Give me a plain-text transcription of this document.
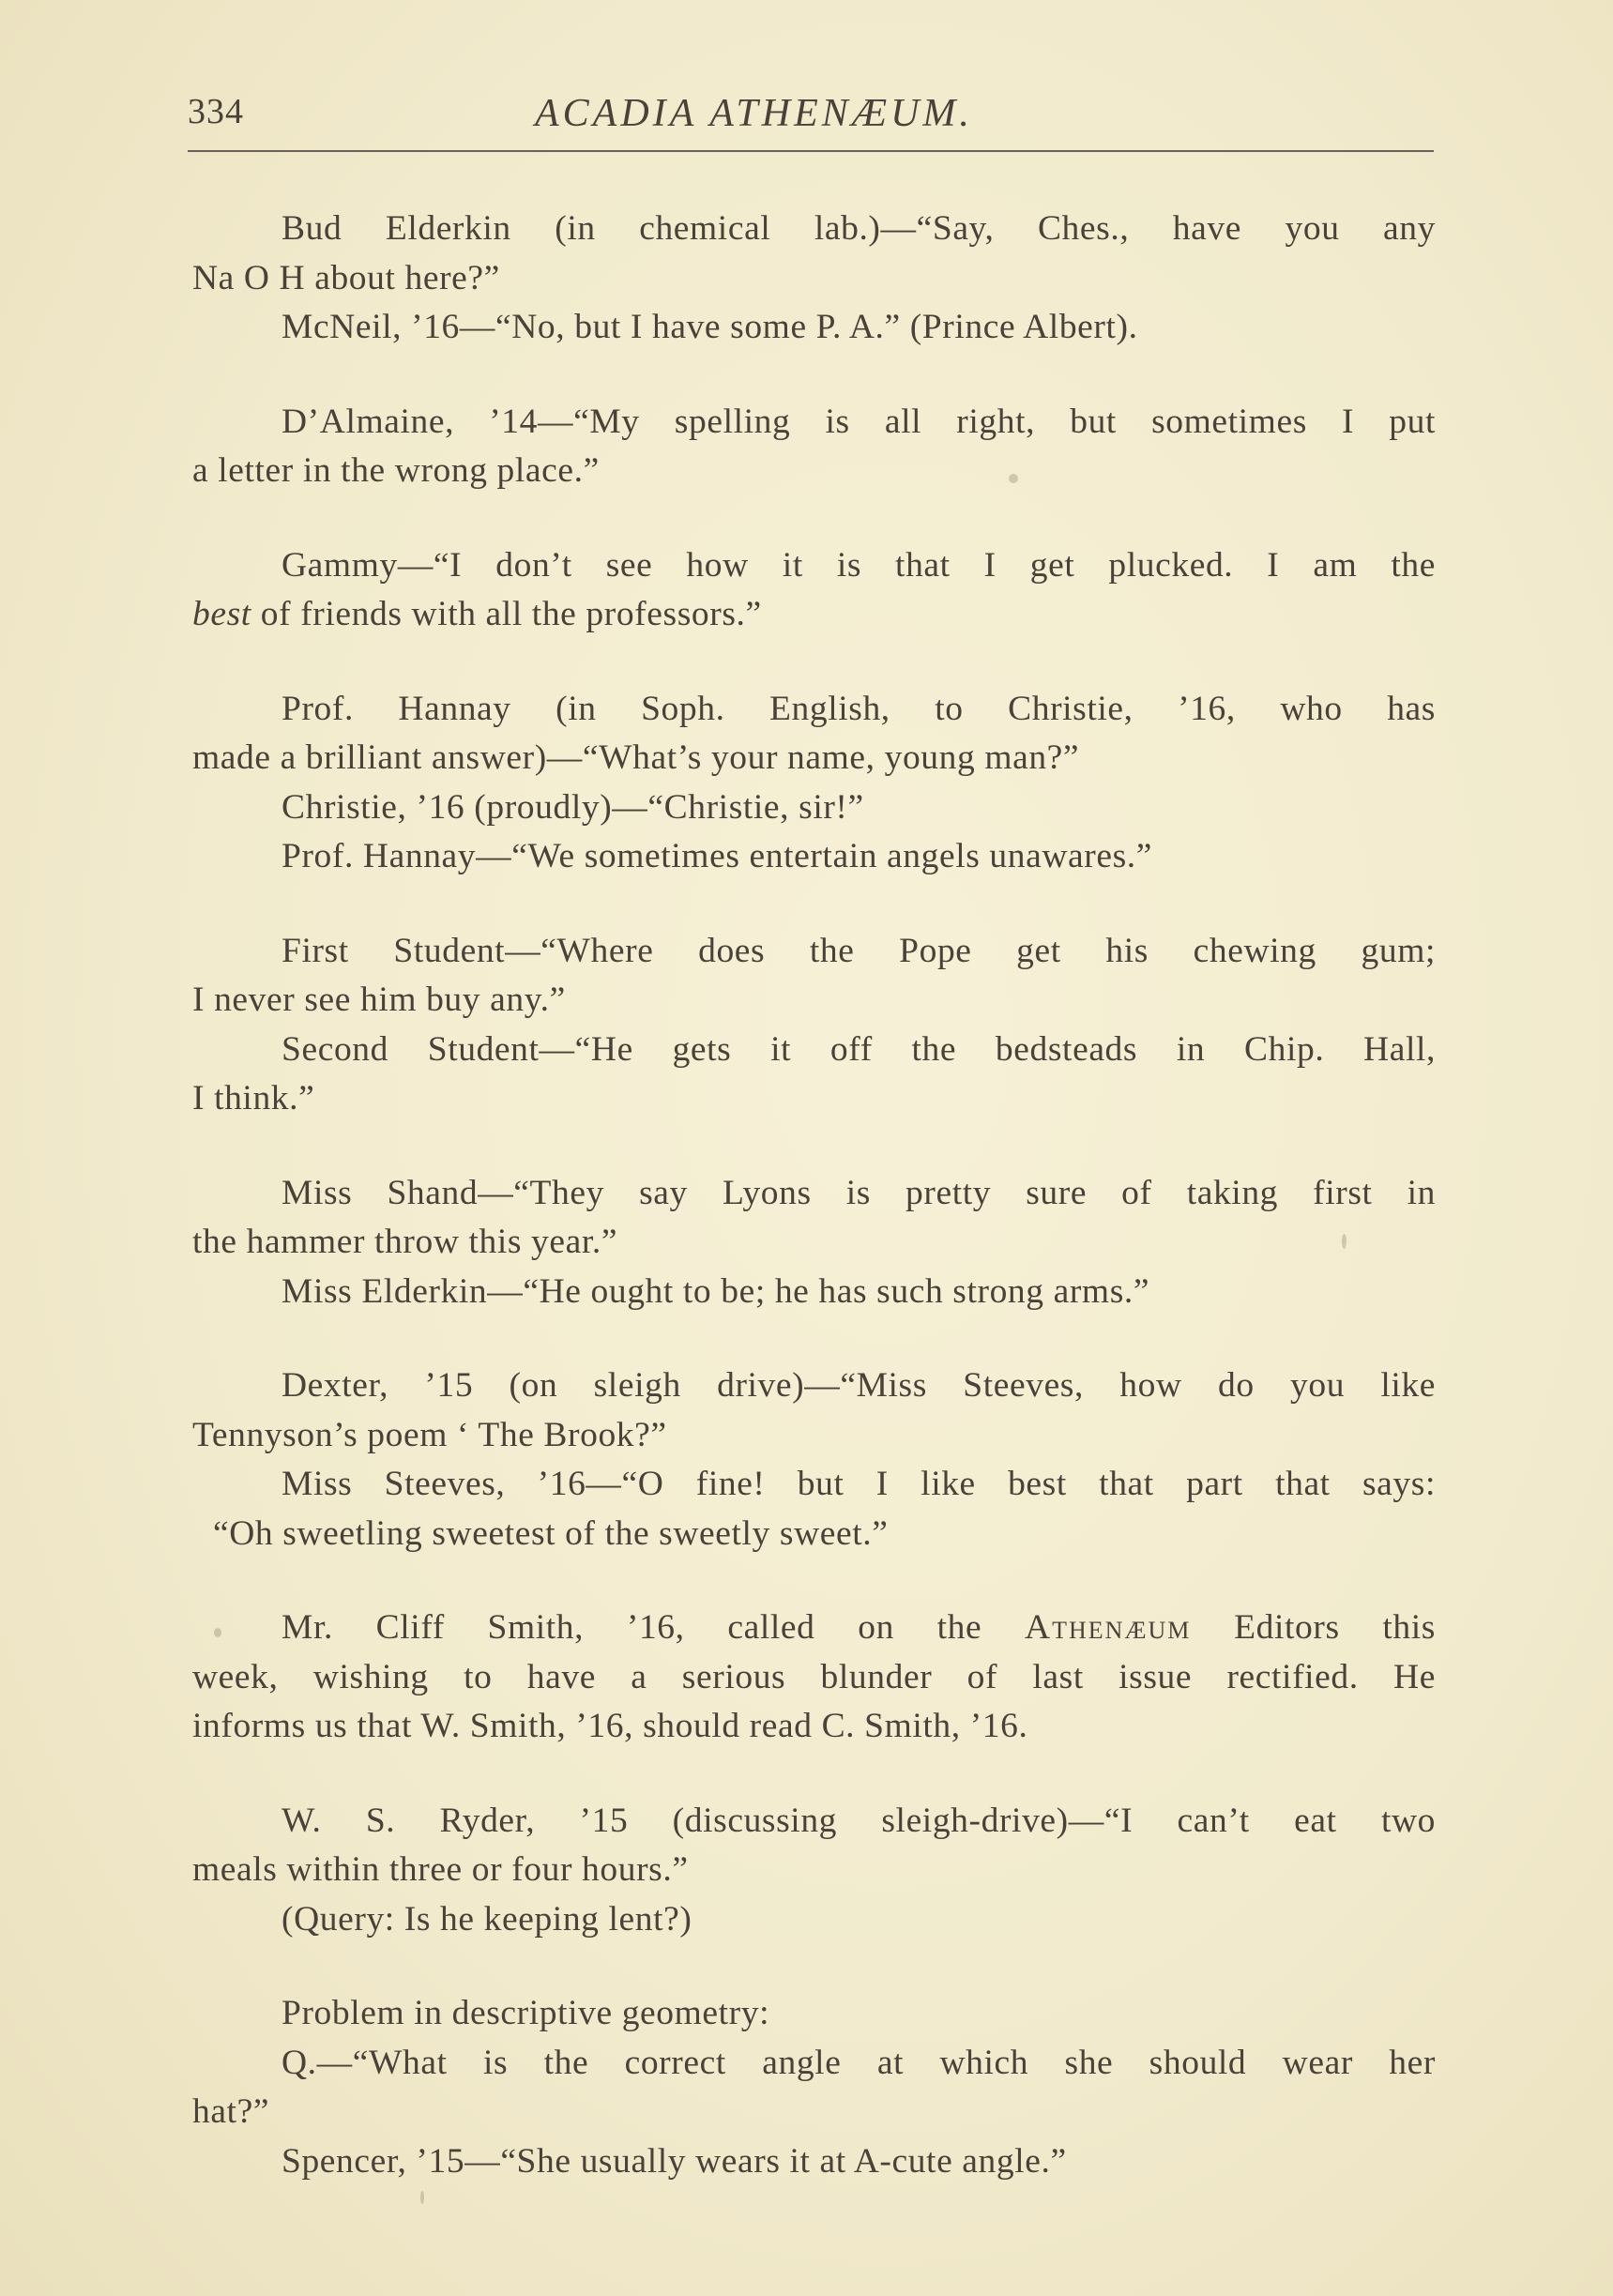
334	ACADIA ATHENÆUM.
Bud Elderkin (in chemical lab.)—“Say, Ches., have you any
Na O H about here?”
McNeil, ’16—“No, but I have some P. A.” (Prince Albert).
D’Almaine, ’14—“My spelling is all right, but sometimes I put
a letter in the wrong place.”
Gammy—“I don’t see how it is that I get plucked. I am the
best of friends with all the professors.”
Prof. Hannay (in Soph. English, to Christie, ’16, who has
made a brilliant answer)—“What’s your name, young man?”
Christie, ’16 (proudly)—“Christie, sir!”
Prof. Hannay—“We sometimes entertain angels unawares.”
First Student—“Where does the Pope get his chewing gum;
I never see him buy any.”
Second Student—“He gets it off the bedsteads in Chip. Hall,
I think.”
Miss Shand—“They say Lyons is pretty sure of taking first in
the hammer throw this year.”
Miss Elderkin—“He ought to be; he has such strong arms.”
Dexter, ’15 (on sleigh drive)—“Miss Steeves, how do you like
Tennyson’s poem ‘ The Brook?”
Miss Steeves, ’16—“O fine! but I like best that part that says:
“Oh sweetling sweetest of the sweetly sweet.”
Mr. Cliff Smith, ’16, called on the Athenæum Editors this
week, wishing to have a serious blunder of last issue rectified. He
informs us that W. Smith, ’16, should read C. Smith, ’16.
W. S. Ryder, ’15 (discussing sleigh-drive)—“I can’t eat two
meals within three or four hours.”
(Query: Is he keeping lent?)
Problem in descriptive geometry:
Q.—“What is the correct angle at which she should wear her
hat?”
Spencer, ’15—“She usually wears it at A-cute angle.”
